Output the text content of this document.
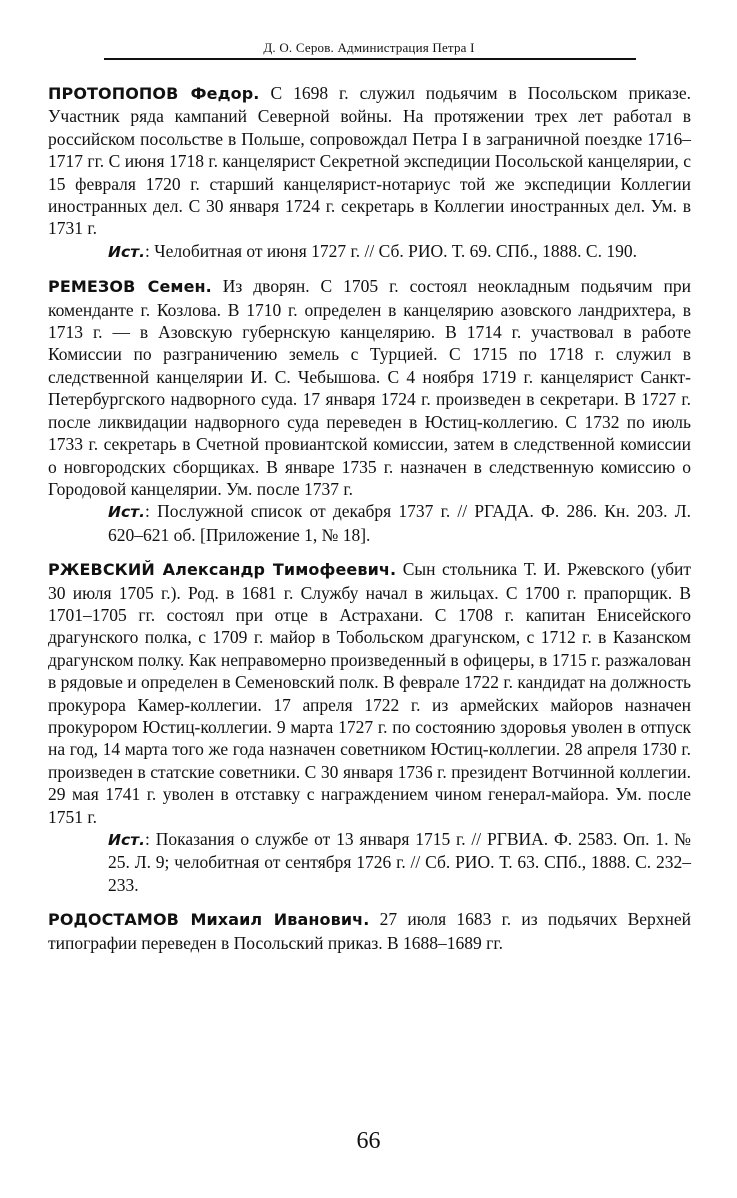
Д. О. Серов. Администрация Петра I

ПРОТОПОПОВ Федор. С 1698 г. служил подьячим в Посольском приказе. Участник ряда кампаний Северной войны. На протяжении трех лет работал в российском посольстве в Польше, сопровождал Петра I в заграничной поездке 1716–1717 гг. С июня 1718 г. канцелярист Секретной экспедиции Посольской канцелярии, с 15 февраля 1720 г. старший канцелярист-нотариус той же экспедиции Коллегии иностранных дел. С 30 января 1724 г. секретарь в Коллегии иностранных дел. Ум. в 1731 г.

Ист.: Челобитная от июня 1727 г. // Сб. РИО. Т. 69. СПб., 1888. С. 190.

РЕМЕЗОВ Семен. Из дворян. С 1705 г. состоял неокладным подьячим при коменданте г. Козлова. В 1710 г. определен в канцелярию азовского ландрихтера, в 1713 г. — в Азовскую губернскую канцелярию. В 1714 г. участвовал в работе Комиссии по разграничению земель с Турцией. С 1715 по 1718 г. служил в следственной канцелярии И. С. Чебышова. С 4 ноября 1719 г. канцелярист Санкт-Петербургского надворного суда. 17 января 1724 г. произведен в секретари. В 1727 г. после ликвидации надворного суда переведен в Юстиц-коллегию. С 1732 по июль 1733 г. секретарь в Счетной провиантской комиссии, затем в следственной комиссии о новгородских сборщиках. В январе 1735 г. назначен в следственную комиссию о Городовой канцелярии. Ум. после 1737 г.

Ист.: Послужной список от декабря 1737 г. // РГАДА. Ф. 286. Кн. 203. Л. 620–621 об. [Приложение 1, № 18].

РЖЕВСКИЙ Александр Тимофеевич. Сын стольника Т. И. Ржевского (убит 30 июля 1705 г.). Род. в 1681 г. Службу начал в жильцах. С 1700 г. прапорщик. В 1701–1705 гг. состоял при отце в Астрахани. С 1708 г. капитан Енисейского драгунского полка, с 1709 г. майор в Тобольском драгунском, с 1712 г. в Казанском драгунском полку. Как неправомерно произведенный в офицеры, в 1715 г. разжалован в рядовые и определен в Семеновский полк. В феврале 1722 г. кандидат на должность прокурора Камер-коллегии. 17 апреля 1722 г. из армейских майоров назначен прокурором Юстиц-коллегии. 9 марта 1727 г. по состоянию здоровья уволен в отпуск на год, 14 марта того же года назначен советником Юстиц-коллегии. 28 апреля 1730 г. произведен в статские советники. С 30 января 1736 г. президент Вотчинной коллегии. 29 мая 1741 г. уволен в отставку с награждением чином генерал-майора. Ум. после 1751 г.

Ист.: Показания о службе от 13 января 1715 г. // РГВИА. Ф. 2583. Оп. 1. № 25. Л. 9; челобитная от сентября 1726 г. // Сб. РИО. Т. 63. СПб., 1888. С. 232–233.

РОДОСТАМОВ Михаил Иванович. 27 июля 1683 г. из подьячих Верхней типографии переведен в Посольский приказ. В 1688–1689 гг.

66
